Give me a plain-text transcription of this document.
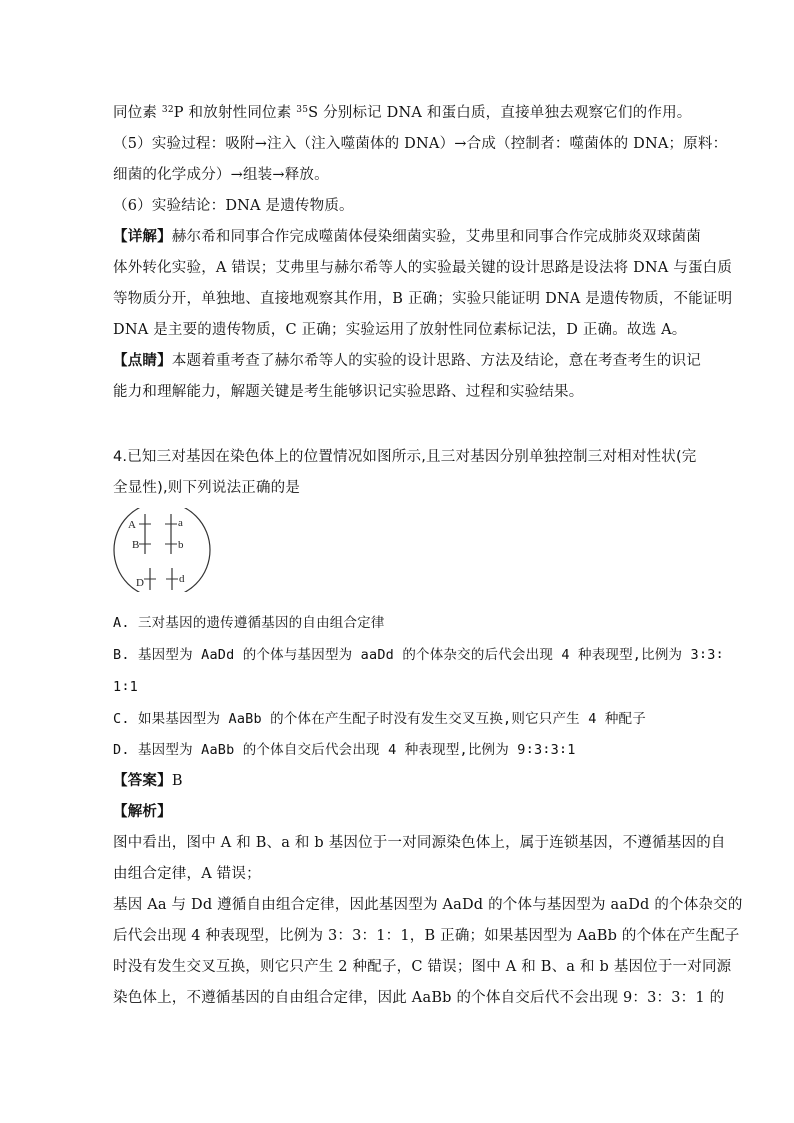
同位素 $^{32}$P 和放射性同位素 $^{35}$S 分别标记 DNA 和蛋白质，直接单独去观察它们的作用。
（5）实验过程：吸附→注入（注入噬菌体的 DNA）→合成（控制者：噬菌体的 DNA；原料：
细菌的化学成分）→组装→释放。
（6）实验结论：DNA 是遗传物质。
【详解】赫尔希和同事合作完成噬菌体侵染细菌实验，艾弗里和同事合作完成肺炎双球菌菌
体外转化实验，A 错误；艾弗里与赫尔希等人的实验最关键的设计思路是设法将 DNA 与蛋白质
等物质分开，单独地、直接地观察其作用，B 正确；实验只能证明 DNA 是遗传物质，不能证明
DNA 是主要的遗传物质，C 正确；实验运用了放射性同位素标记法，D 正确。故选 A。
【点睛】本题着重考查了赫尔希等人的实验的设计思路、方法及结论，意在考查考生的识记
能力和理解能力，解题关键是考生能够识记实验思路、过程和实验结果。
4.已知三对基因在染色体上的位置情况如图所示,且三对基因分别单独控制三对相对性状(完
全显性),则下列说法正确的是
A	a
B	b
D	d
A. 三对基因的遗传遵循基因的自由组合定律
B. 基因型为 AaDd 的个体与基因型为 aaDd 的个体杂交的后代会出现 4 种表现型,比例为 3∶3∶
1∶1
C. 如果基因型为 AaBb 的个体在产生配子时没有发生交叉互换,则它只产生 4 种配子
D. 基因型为 AaBb 的个体自交后代会出现 4 种表现型,比例为 9∶3∶3∶1
【答案】B
【解析】
图中看出，图中 A 和 B、a 和 b 基因位于一对同源染色体上，属于连锁基因，不遵循基因的自
由组合定律，A 错误；
基因 Aa 与 Dd 遵循自由组合定律，因此基因型为 AaDd 的个体与基因型为 aaDd 的个体杂交的
后代会出现 4 种表现型，比例为 3：3：1：1，B 正确；如果基因型为 AaBb 的个体在产生配子
时没有发生交叉互换，则它只产生 2 种配子，C 错误；图中 A 和 B、a 和 b 基因位于一对同源
染色体上，不遵循基因的自由组合定律，因此 AaBb 的个体自交后代不会出现 9：3：3：1 的
